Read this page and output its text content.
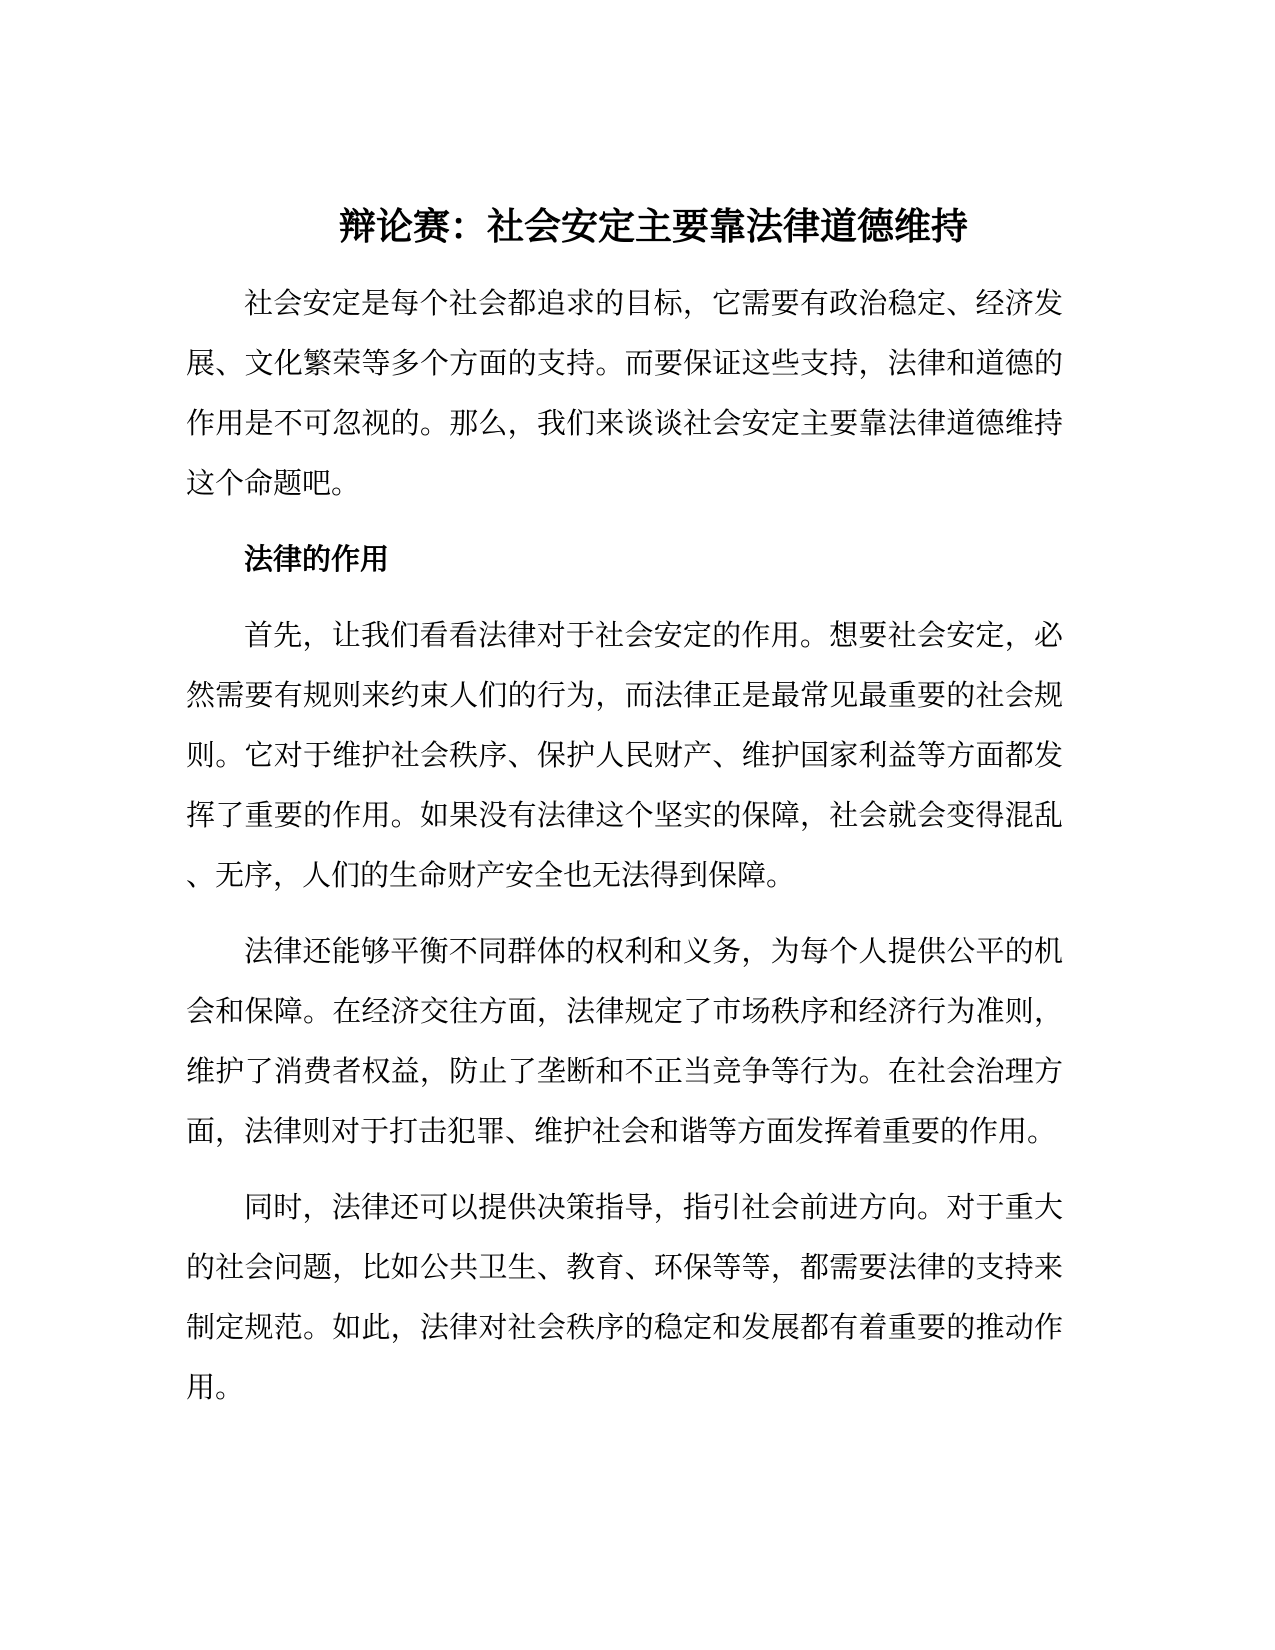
辩论赛：社会安定主要靠法律道德维持

社会安定是每个社会都追求的目标，它需要有政治稳定、经济发展、文化繁荣等多个方面的支持。而要保证这些支持，法律和道德的作用是不可忽视的。那么，我们来谈谈社会安定主要靠法律道德维持这个命题吧。

法律的作用

首先，让我们看看法律对于社会安定的作用。想要社会安定，必然需要有规则来约束人们的行为，而法律正是最常见最重要的社会规则。它对于维护社会秩序、保护人民财产、维护国家利益等方面都发挥了重要的作用。如果没有法律这个坚实的保障，社会就会变得混乱、无序，人们的生命财产安全也无法得到保障。

法律还能够平衡不同群体的权利和义务，为每个人提供公平的机会和保障。在经济交往方面，法律规定了市场秩序和经济行为准则，维护了消费者权益，防止了垄断和不正当竞争等行为。在社会治理方面，法律则对于打击犯罪、维护社会和谐等方面发挥着重要的作用。

同时，法律还可以提供决策指导，指引社会前进方向。对于重大的社会问题，比如公共卫生、教育、环保等等，都需要法律的支持来制定规范。如此，法律对社会秩序的稳定和发展都有着重要的推动作用。
